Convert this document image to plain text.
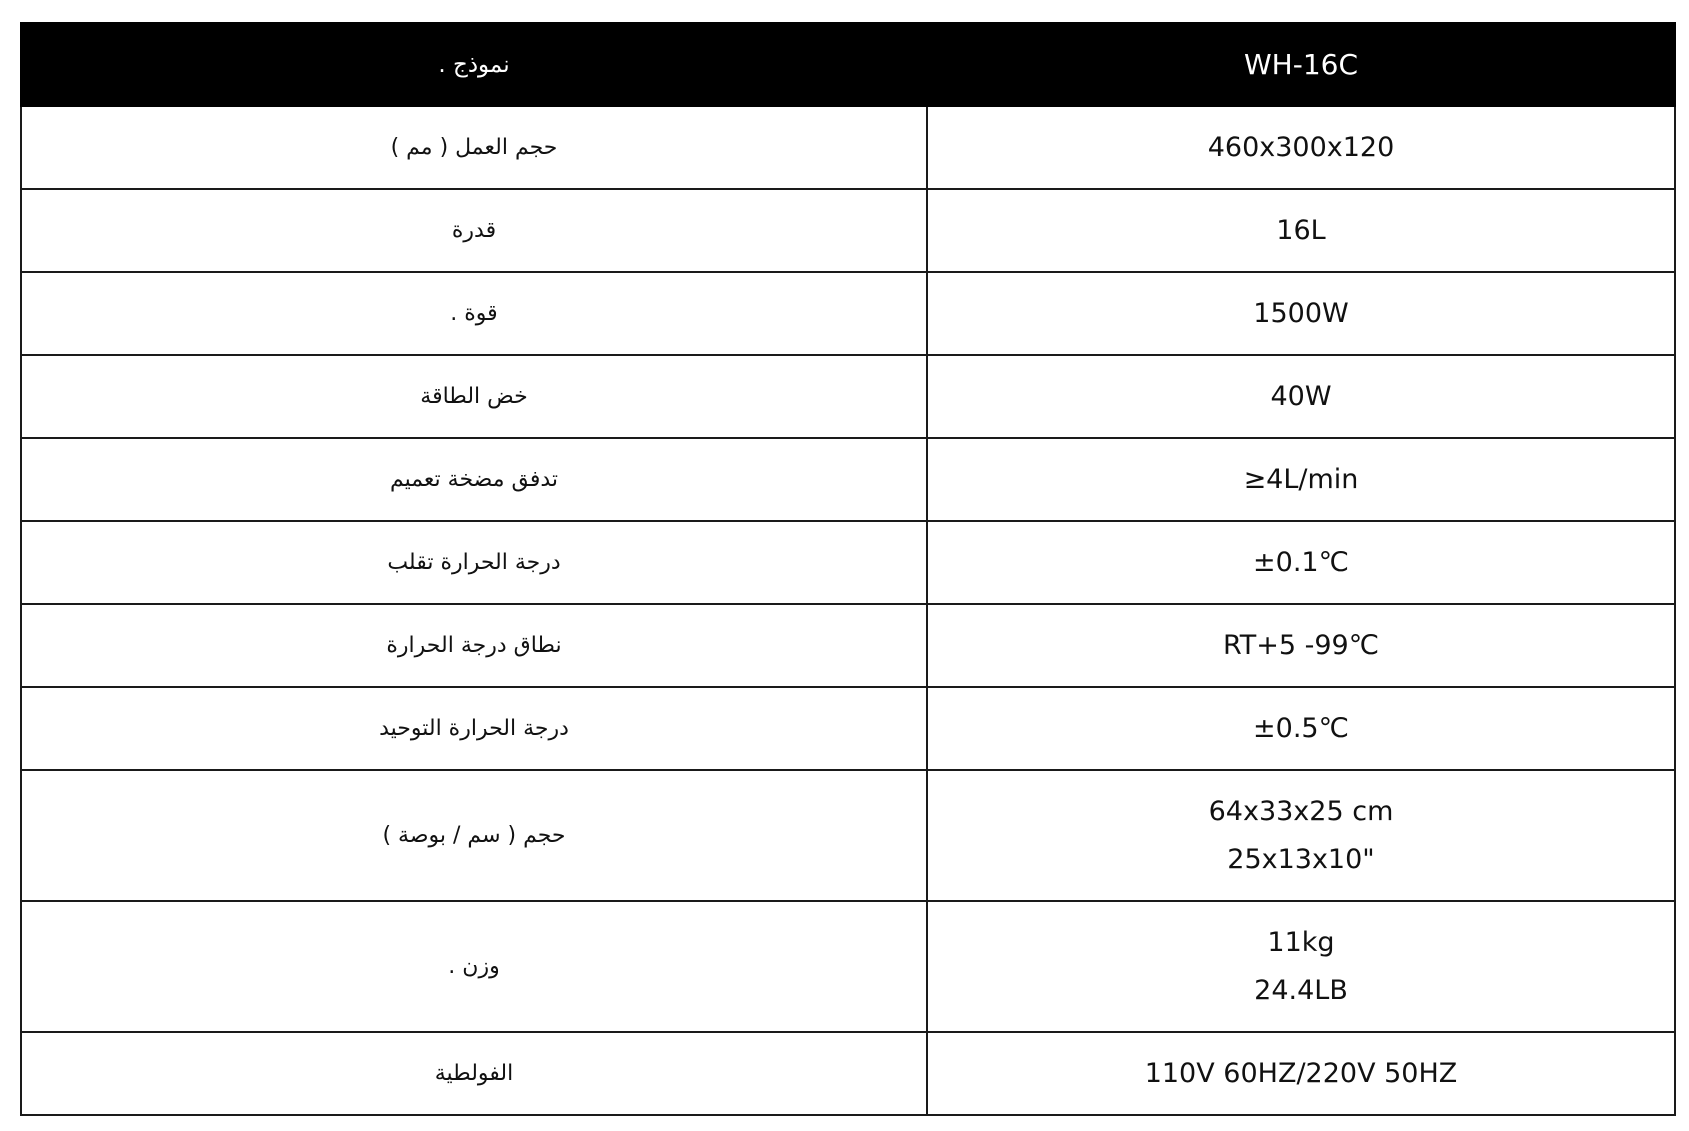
نموذج .	WH-16C

حجم العمل ( مم )	460x300x120

قدرة	16L

قوة .	1500W

خض الطاقة	40W

تدفق مضخة تعميم	≥4L/min

درجة الحرارة تقلب	±0.1℃

نطاق درجة الحرارة	RT+5 -99℃

درجة الحرارة التوحيد	±0.5℃

حجم ( سم / بوصة )	64x33x25 cm
25x13x10"

وزن .	11kg
24.4LB

الفولطية	110V 60HZ/220V 50HZ
